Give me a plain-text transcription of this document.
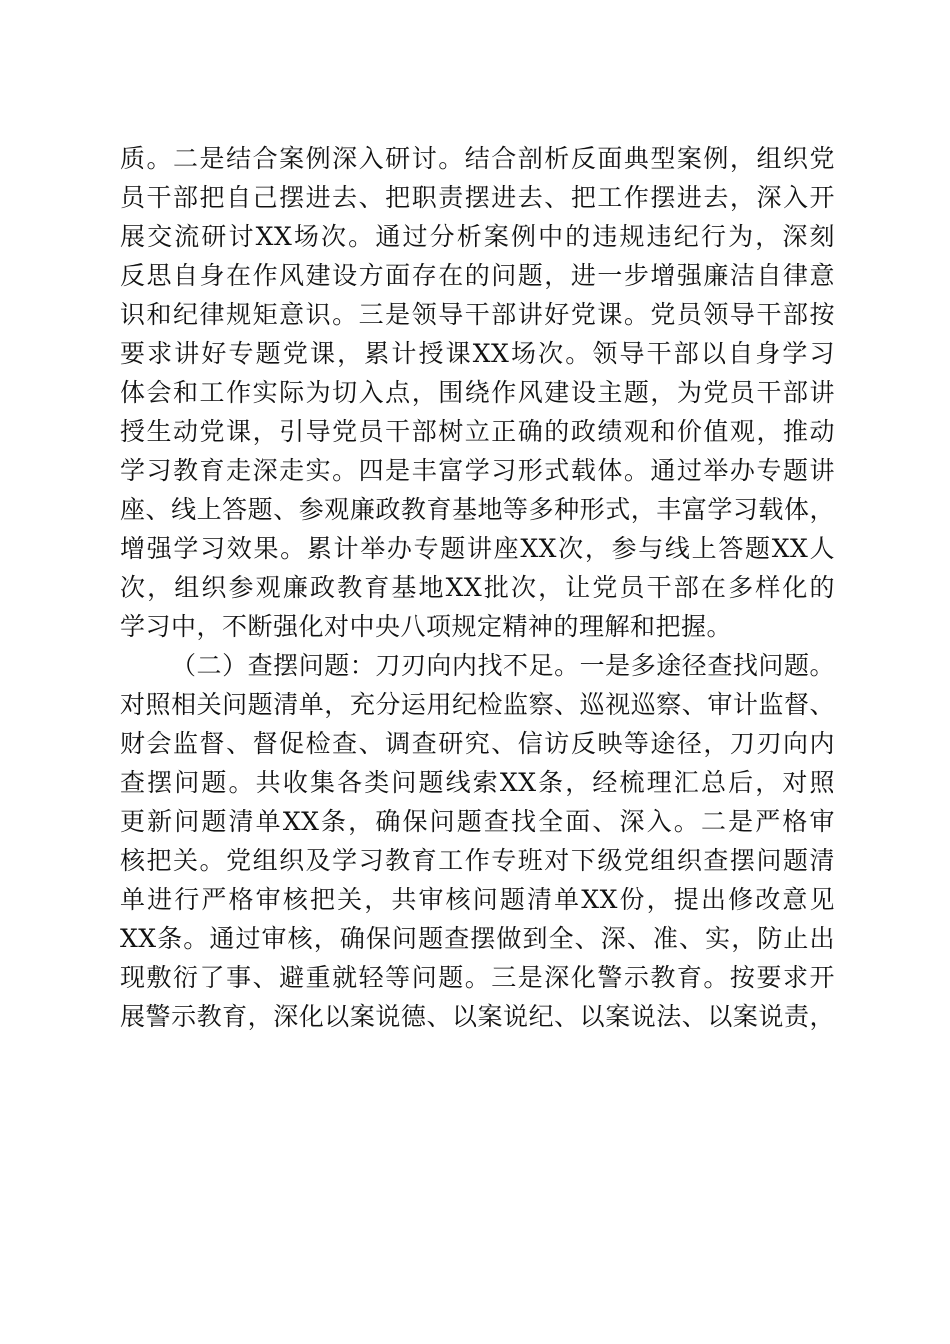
质。二是结合案例深入研讨。结合剖析反面典型案例，组织党
员干部把自己摆进去、把职责摆进去、把工作摆进去，深入开
展交流研讨XX场次。通过分析案例中的违规违纪行为，深刻
反思自身在作风建设方面存在的问题，进一步增强廉洁自律意
识和纪律规矩意识。三是领导干部讲好党课。党员领导干部按
要求讲好专题党课，累计授课XX场次。领导干部以自身学习
体会和工作实际为切入点，围绕作风建设主题，为党员干部讲
授生动党课，引导党员干部树立正确的政绩观和价值观，推动
学习教育走深走实。四是丰富学习形式载体。通过举办专题讲
座、线上答题、参观廉政教育基地等多种形式，丰富学习载体，
增强学习效果。累计举办专题讲座XX次，参与线上答题XX人
次，组织参观廉政教育基地XX批次，让党员干部在多样化的
学习中，不断强化对中央八项规定精神的理解和把握。
（二）查摆问题：刀刃向内找不足。一是多途径查找问题。
对照相关问题清单，充分运用纪检监察、巡视巡察、审计监督、
财会监督、督促检查、调查研究、信访反映等途径，刀刃向内
查摆问题。共收集各类问题线索XX条，经梳理汇总后，对照
更新问题清单XX条，确保问题查找全面、深入。二是严格审
核把关。党组织及学习教育工作专班对下级党组织查摆问题清
单进行严格审核把关，共审核问题清单XX份，提出修改意见
XX条。通过审核，确保问题查摆做到全、深、准、实，防止出
现敷衍了事、避重就轻等问题。三是深化警示教育。按要求开
展警示教育，深化以案说德、以案说纪、以案说法、以案说责，
